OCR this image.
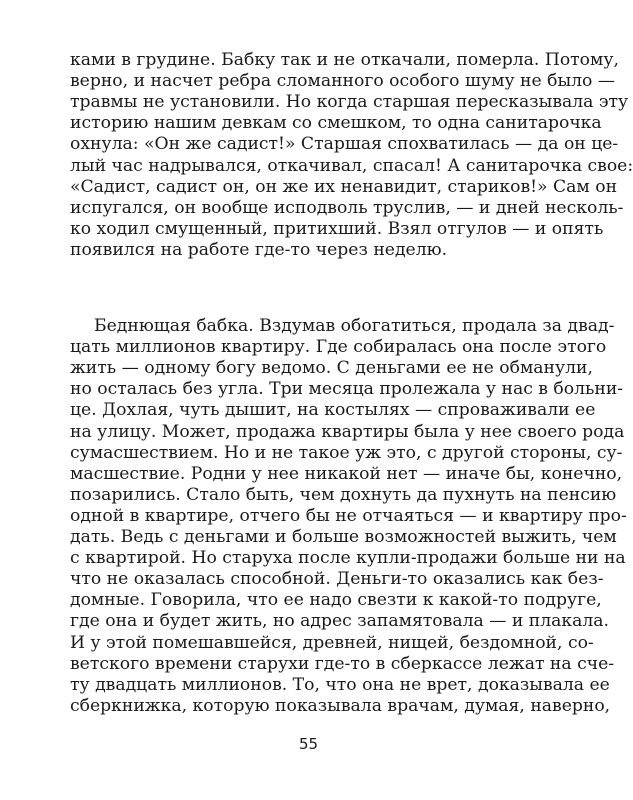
ками в грудине. Бабку так и не откачали, померла. Потому,
верно, и насчет ребра сломанного особого шуму не было —
травмы не установили. Но когда старшая пересказывала эту
историю нашим девкам со смешком, то одна санитарочка
охнула: «Он же садист!» Старшая спохватилась — да он це-
лый час надрывался, откачивал, спасал! А санитарочка свое:
«Садист, садист он, он же их ненавидит, стариков!» Сам он
испугался, он вообще исподволь труслив, — и дней несколь-
ко ходил смущенный, притихший. Взял отгулов — и опять
появился на работе где-то через неделю.
Беднющая бабка. Вздумав обогатиться, продала за двад-
цать миллионов квартиру. Где собиралась она после этого
жить — одному богу ведомо. С деньгами ее не обманули,
но осталась без угла. Три месяца пролежала у нас в больни-
це. Дохлая, чуть дышит, на костылях — спроваживали ее
на улицу. Может, продажа квартиры была у нее своего рода
сумасшествием. Но и не такое уж это, с другой стороны, су-
масшествие. Родни у нее никакой нет — иначе бы, конечно,
позарились. Стало быть, чем дохнуть да пухнуть на пенсию
одной в квартире, отчего бы не отчаяться — и квартиру про-
дать. Ведь с деньгами и больше возможностей выжить, чем
с квартирой. Но старуха после купли-продажи больше ни на
что не оказалась способной. Деньги-то оказались как без-
домные. Говорила, что ее надо свезти к какой-то подруге,
где она и будет жить, но адрес запамятовала — и плакала.
И у этой помешавшейся, древней, нищей, бездомной, со-
ветского времени старухи где-то в сберкассе лежат на сче-
ту двадцать миллионов. То, что она не врет, доказывала ее
сберкнижка, которую показывала врачам, думая, наверно,
55
